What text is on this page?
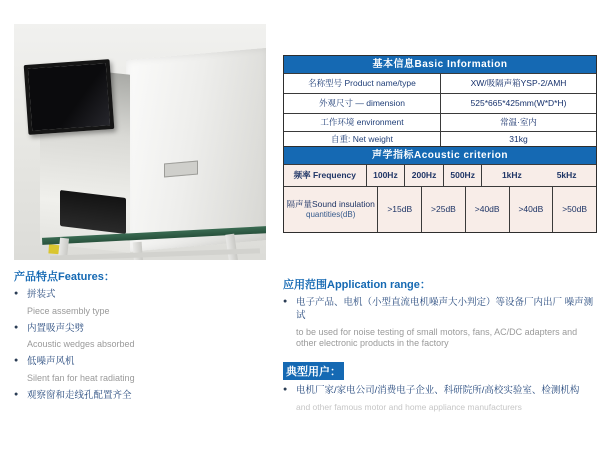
基本信息Basic Information
名称型号 Product name/type	XW/吸隔声箱YSP-2/AMH
外观尺寸 — dimension	525*665*425mm(W*D*H)
工作环境 environment	常温·室内
自重: Net weight	31kg
声学指标Acoustic criterion
频率 Frequency	100Hz	200Hz	500Hz	1kHz	5kHz
隔声量Sound insulation
quantities(dB)
>15dB	>25dB	>40dB	>40dB	>50dB
产品特点Features：
● 拼装式
Piece assembly type
● 内置吸声尖劈
Acoustic wedges absorbed
● 低噪声风机
Silent fan for heat radiating
● 观察窗和走线孔配置齐全
应用范围Application range：
● 电子产品、电机（小型直流电机噪声大小判定）等设备厂内出厂 噪声测试
to be used for noise testing of small motors, fans, AC/DC adapters and other electronic products in the factory
典型用户：
● 电机厂家/家电公司/消费电子企业、科研院所/高校实验室、检测机构
and other famous motor and home appliance manufacturers
